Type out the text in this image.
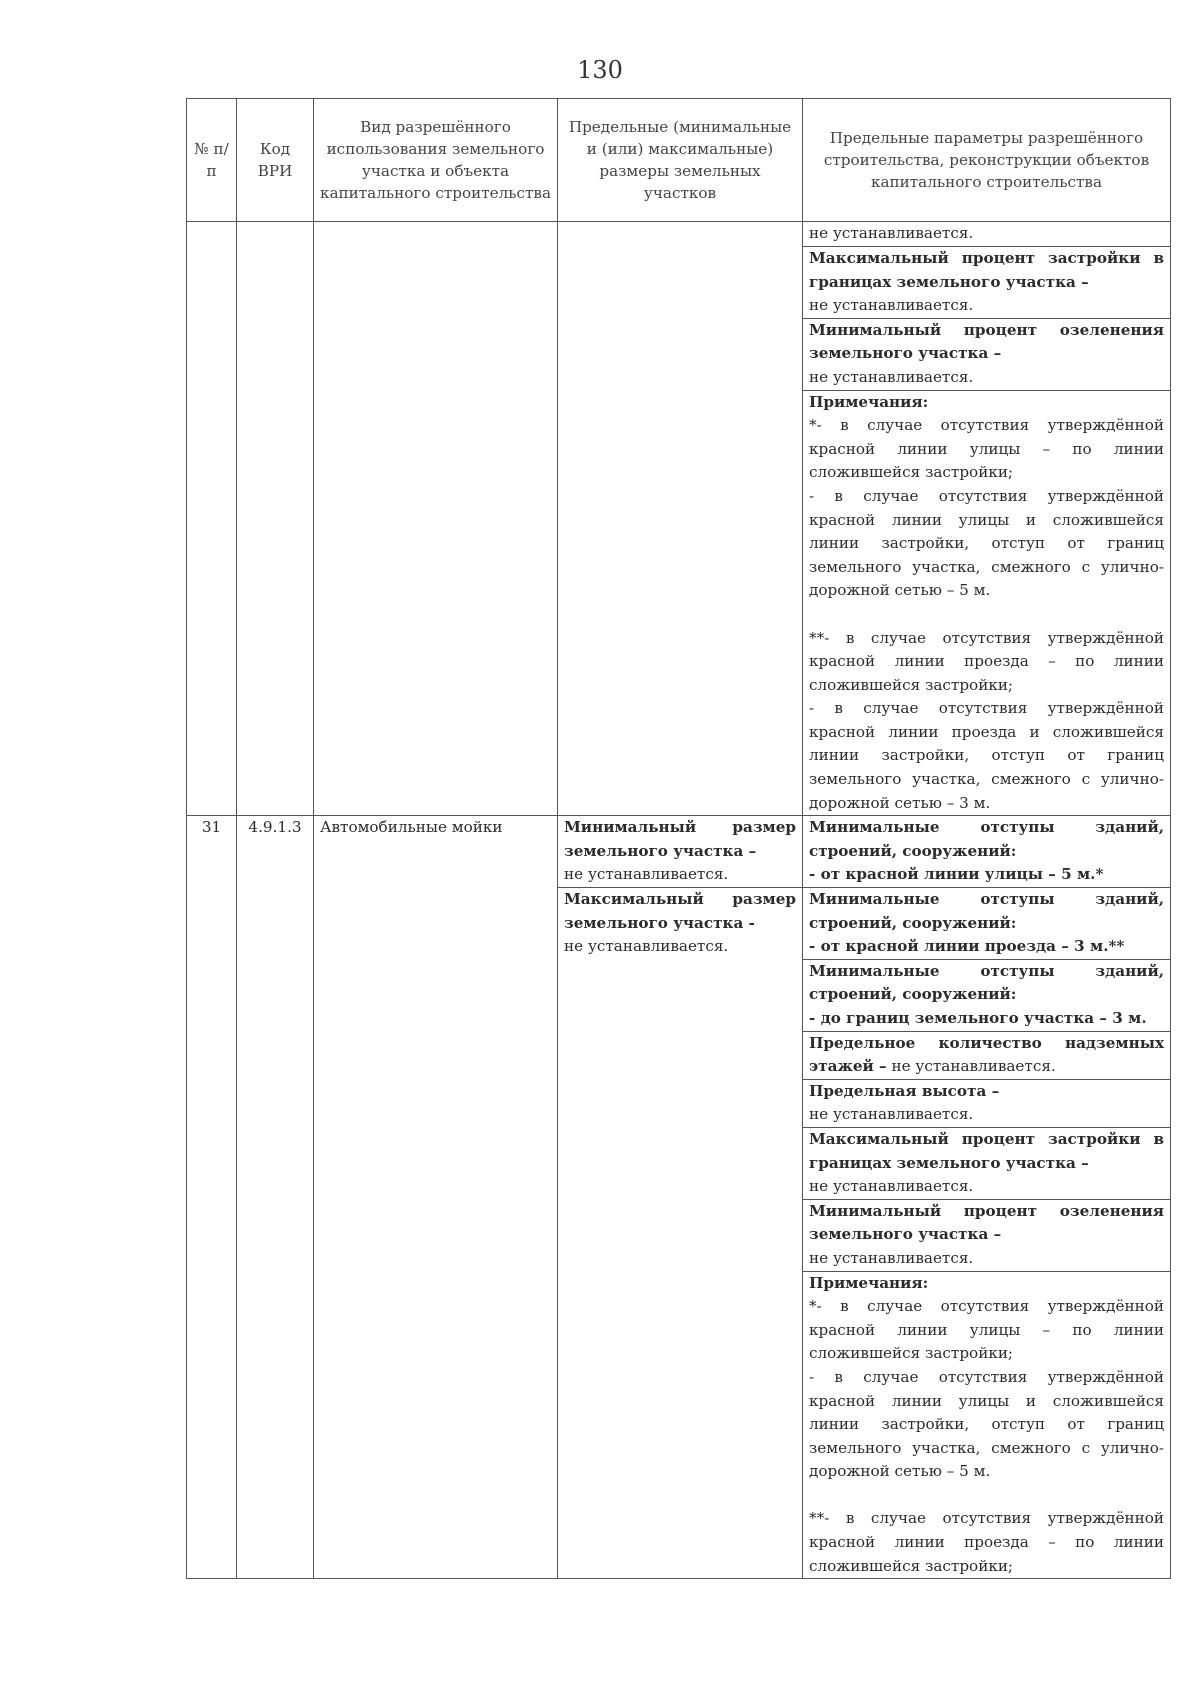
130
№ п/п	Код ВРИ	Вид разрешённого использования земельного участка и объекта капитального строительства	Предельные (минимальные и (или) максимальные) размеры земельных участков	Предельные параметры разрешённого строительства, реконструкции объектов капитального строительства
				не устанавливается.
				Максимальный процент застройки в границах земельного участка –
не устанавливается.
				Минимальный процент озеленения земельного участка –
не устанавливается.

				Примечания:
*- в случае отсутствия утверждённой красной линии улицы – по линии сложившейся застройки;
- в случае отсутствия утверждённой красной линии улицы и сложившейся линии застройки, отступ от границ земельного участка, смежного с улично-дорожной сетью – 5 м.
**- в случае отсутствия утверждённой красной линии проезда – по линии сложившейся застройки;
- в случае отсутствия утверждённой красной линии проезда и сложившейся линии застройки, отступ от границ земельного участка, смежного с улично-дорожной сетью – 3 м.

31	4.9.1.3	Автомобильные мойки	Минимальный размер земельного участка –
не устанавливается.	Минимальные отступы зданий, строений, сооружений:
- от красной линии улицы – 5 м.*
			Максимальный размер земельного участка -
не устанавливается.	Минимальные отступы зданий, строений, сооружений:
- от красной линии проезда – 3 м.**
				Минимальные отступы зданий, строений, сооружений:
- до границ земельного участка – 3 м.
				Предельное количество надземных этажей – не устанавливается.
				Предельная высота –
не устанавливается.
				Максимальный процент застройки в границах земельного участка –
не устанавливается.
				Минимальный процент озеленения земельного участка –
не устанавливается.

				Примечания:
*- в случае отсутствия утверждённой красной линии улицы – по линии сложившейся застройки;
- в случае отсутствия утверждённой красной линии улицы и сложившейся линии застройки, отступ от границ земельного участка, смежного с улично-дорожной сетью – 5 м.
**- в случае отсутствия утверждённой красной линии проезда – по линии сложившейся застройки;
